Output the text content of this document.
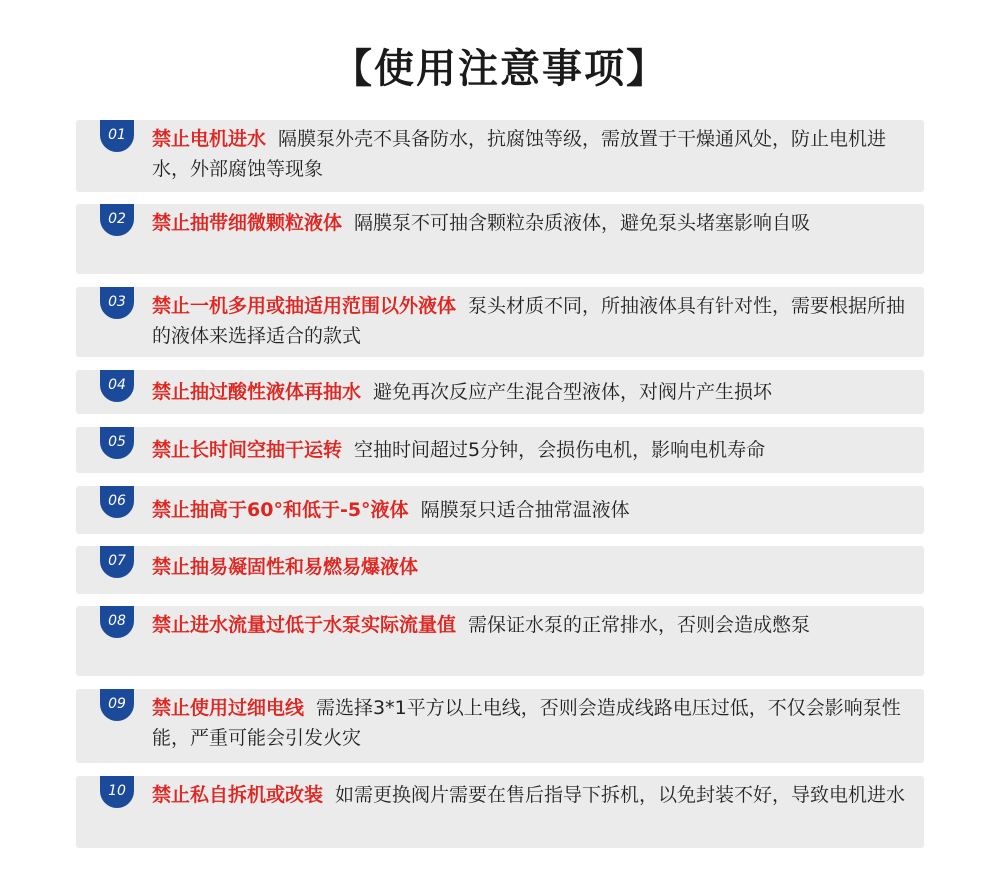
【使用注意事项】
01	禁止电机进水 隔膜泵外壳不具备防水，抗腐蚀等级，需放置于干燥通风处，防止电机进水，外部腐蚀等现象
02	禁止抽带细微颗粒液体 隔膜泵不可抽含颗粒杂质液体，避免泵头堵塞影响自吸
03	禁止一机多用或抽适用范围以外液体 泵头材质不同，所抽液体具有针对性，需要根据所抽的液体来选择适合的款式
04	禁止抽过酸性液体再抽水 避免再次反应产生混合型液体，对阀片产生损坏
05	禁止长时间空抽干运转 空抽时间超过5分钟，会损伤电机，影响电机寿命
06	禁止抽高于60°和低于-5°液体 隔膜泵只适合抽常温液体
07	禁止抽易凝固性和易燃易爆液体
08	禁止进水流量过低于水泵实际流量值 需保证水泵的正常排水，否则会造成憋泵
09	禁止使用过细电线 需选择3*1平方以上电线，否则会造成线路电压过低，不仅会影响泵性能，严重可能会引发火灾
10	禁止私自拆机或改装 如需更换阀片需要在售后指导下拆机，以免封装不好，导致电机进水
